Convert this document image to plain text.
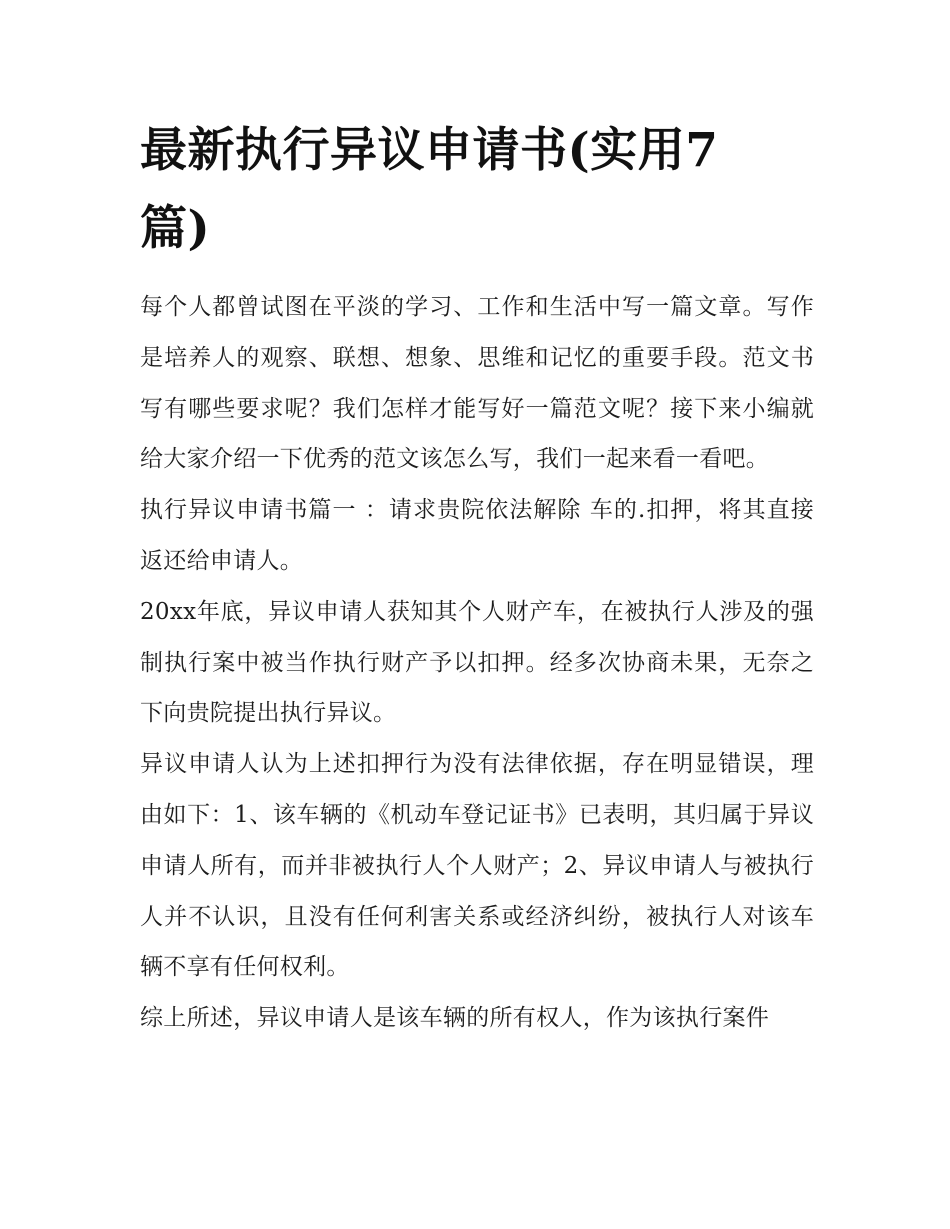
最新执行异议申请书(实用7篇)

每个人都曾试图在平淡的学习、工作和生活中写一篇文章。写作是培养人的观察、联想、想象、思维和记忆的重要手段。范文书写有哪些要求呢？我们怎样才能写好一篇范文呢？接下来小编就给大家介绍一下优秀的范文该怎么写，我们一起来看一看吧。

执行异议申请书篇一 ：请求贵院依法解除 车的.扣押，将其直接返还给申请人。

20xx年底，异议申请人获知其个人财产车，在被执行人涉及的强制执行案中被当作执行财产予以扣押。经多次协商未果，无奈之下向贵院提出执行异议。

异议申请人认为上述扣押行为没有法律依据，存在明显错误，理由如下：1、该车辆的《机动车登记证书》已表明，其归属于异议申请人所有，而并非被执行人个人财产；2、异议申请人与被执行人并不认识，且没有任何利害关系或经济纠纷，被执行人对该车辆不享有任何权利。

综上所述，异议申请人是该车辆的所有权人，作为该执行案件
